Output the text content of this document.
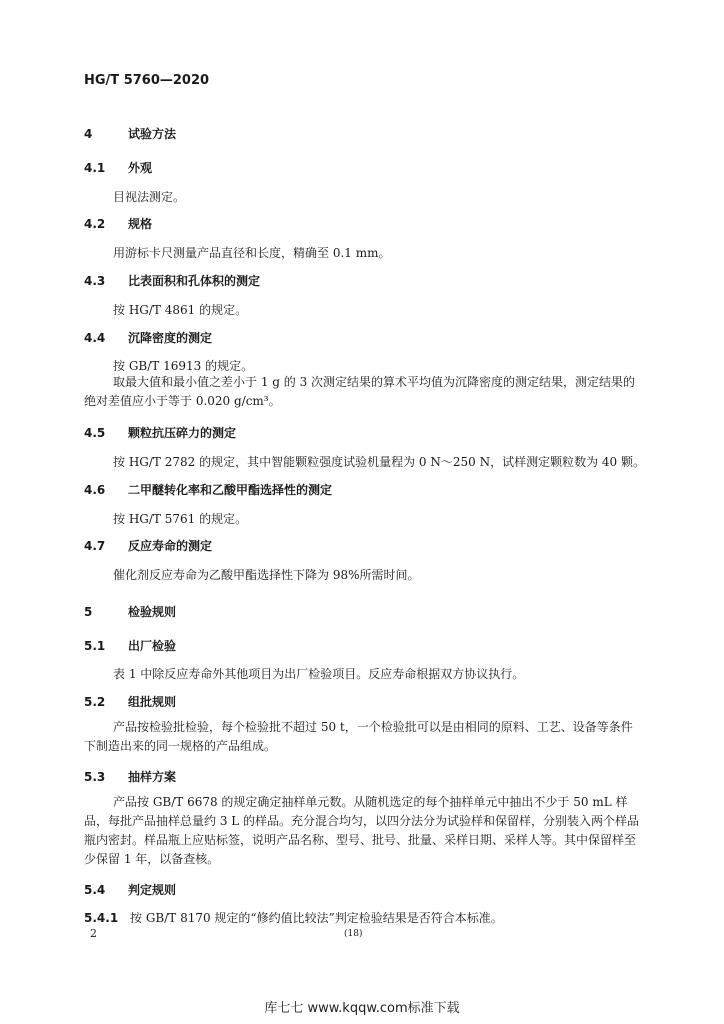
HG/T 5760—2020
4	试验方法
4.1 外观
目视法测定。
4.2 规格
用游标卡尺测量产品直径和长度，精确至 0.1 mm。
4.3 比表面积和孔体积的测定
按 HG/T 4861 的规定。
4.4 沉降密度的测定
按 GB/T 16913 的规定。
取最大值和最小值之差小于 1 g 的 3 次测定结果的算术平均值为沉降密度的测定结果，测定结果的绝对差值应小于等于 0.020 g/cm³。
4.5 颗粒抗压碎力的测定
按 HG/T 2782 的规定，其中智能颗粒强度试验机量程为 0 N～250 N，试样测定颗粒数为 40 颗。
4.6 二甲醚转化率和乙酸甲酯选择性的测定
按 HG/T 5761 的规定。
4.7 反应寿命的测定
催化剂反应寿命为乙酸甲酯选择性下降为 98%所需时间。
5	检验规则
5.1 出厂检验
表 1 中除反应寿命外其他项目为出厂检验项目。反应寿命根据双方协议执行。
5.2 组批规则
产品按检验批检验，每个检验批不超过 50 t，一个检验批可以是由相同的原料、工艺、设备等条件下制造出来的同一规格的产品组成。
5.3 抽样方案
产品按 GB/T 6678 的规定确定抽样单元数。从随机选定的每个抽样单元中抽出不少于 50 mL 样品，每批产品抽样总量约 3 L 的样品。充分混合均匀，以四分法分为试验样和保留样，分别装入两个样品瓶内密封。样品瓶上应贴标签，说明产品名称、型号、批号、批量、采样日期、采样人等。其中保留样至少保留 1 年，以备查核。
5.4 判定规则
5.4.1 按 GB/T 8170 规定的“修约值比较法”判定检验结果是否符合本标准。
2	(18)
库七七 www.kqqw.com标准下载
